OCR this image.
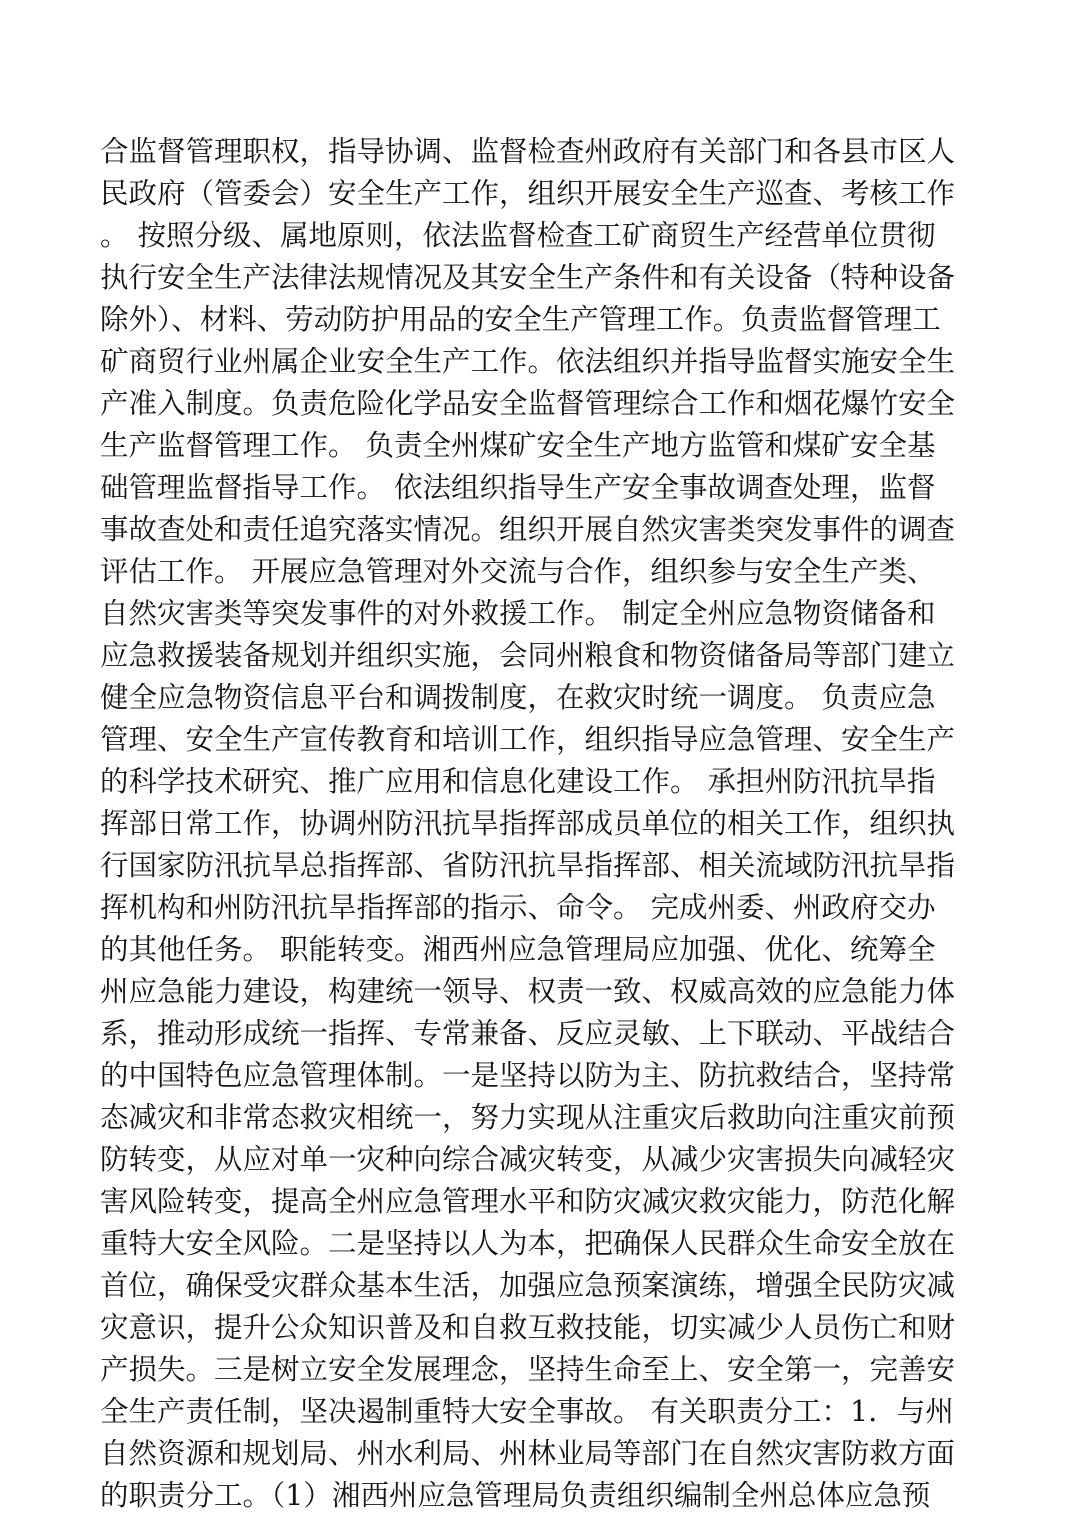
合监督管理职权，指导协调、监督检查州政府有关部门和各县市区人
民政府（管委会）安全生产工作，组织开展安全生产巡查、考核工作
。 按照分级、属地原则，依法监督检查工矿商贸生产经营单位贯彻
执行安全生产法律法规情况及其安全生产条件和有关设备（特种设备
除外）、材料、劳动防护用品的安全生产管理工作。负责监督管理工
矿商贸行业州属企业安全生产工作。依法组织并指导监督实施安全生
产准入制度。负责危险化学品安全监督管理综合工作和烟花爆竹安全
生产监督管理工作。 负责全州煤矿安全生产地方监管和煤矿安全基
础管理监督指导工作。 依法组织指导生产安全事故调查处理，监督
事故查处和责任追究落实情况。组织开展自然灾害类突发事件的调查
评估工作。 开展应急管理对外交流与合作，组织参与安全生产类、
自然灾害类等突发事件的对外救援工作。 制定全州应急物资储备和
应急救援装备规划并组织实施，会同州粮食和物资储备局等部门建立
健全应急物资信息平台和调拨制度，在救灾时统一调度。 负责应急
管理、安全生产宣传教育和培训工作，组织指导应急管理、安全生产
的科学技术研究、推广应用和信息化建设工作。 承担州防汛抗旱指
挥部日常工作，协调州防汛抗旱指挥部成员单位的相关工作，组织执
行国家防汛抗旱总指挥部、省防汛抗旱指挥部、相关流域防汛抗旱指
挥机构和州防汛抗旱指挥部的指示、命令。 完成州委、州政府交办
的其他任务。 职能转变。湘西州应急管理局应加强、优化、统筹全
州应急能力建设，构建统一领导、权责一致、权威高效的应急能力体
系，推动形成统一指挥、专常兼备、反应灵敏、上下联动、平战结合
的中国特色应急管理体制。一是坚持以防为主、防抗救结合，坚持常
态减灾和非常态救灾相统一，努力实现从注重灾后救助向注重灾前预
防转变，从应对单一灾种向综合减灾转变，从减少灾害损失向减轻灾
害风险转变，提高全州应急管理水平和防灾减灾救灾能力，防范化解
重特大安全风险。二是坚持以人为本，把确保人民群众生命安全放在
首位，确保受灾群众基本生活，加强应急预案演练，增强全民防灾减
灾意识，提升公众知识普及和自救互救技能，切实减少人员伤亡和财
产损失。三是树立安全发展理念，坚持生命至上、安全第一，完善安
全生产责任制，坚决遏制重特大安全事故。 有关职责分工：1．与州
自然资源和规划局、州水利局、州林业局等部门在自然灾害防救方面
的职责分工。（1）湘西州应急管理局负责组织编制全州总体应急预
